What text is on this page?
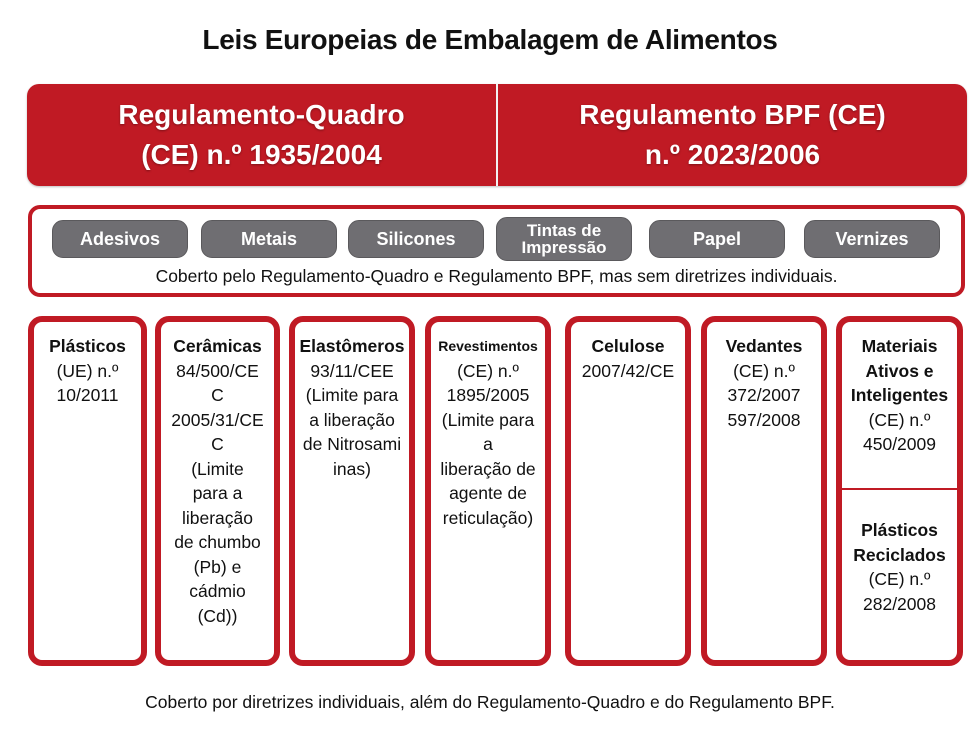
Leis Europeias de Embalagem de Alimentos
Regulamento-Quadro
(CE) n.º 1935/2004
Regulamento BPF (CE)
n.º 2023/2006
Adesivos	Metais	Silicones	Tintas de Impressão	Papel	Vernizes
Coberto pelo Regulamento-Quadro e Regulamento BPF, mas sem diretrizes individuais.
Plásticos
(UE) n.º
10/2011
Cerâmicas
84/500/CE
C
2005/31/CE
C
(Limite
para a
liberação
de chumbo
(Pb) e
cádmio
(Cd))
Elastômeros
93/11/CEE
(Limite para
a liberação
de Nitrosami
inas)
Revestimentos
(CE) n.º
1895/2005
(Limite para
a
liberação de
agente de
reticulação)
Celulose
2007/42/CE
Vedantes
(CE) n.º
372/2007
597/2008
Materiais
Ativos e
Inteligentes
(CE) n.º
450/2009
Plásticos
Reciclados
(CE) n.º
282/2008
Coberto por diretrizes individuais, além do Regulamento-Quadro e do Regulamento BPF.
